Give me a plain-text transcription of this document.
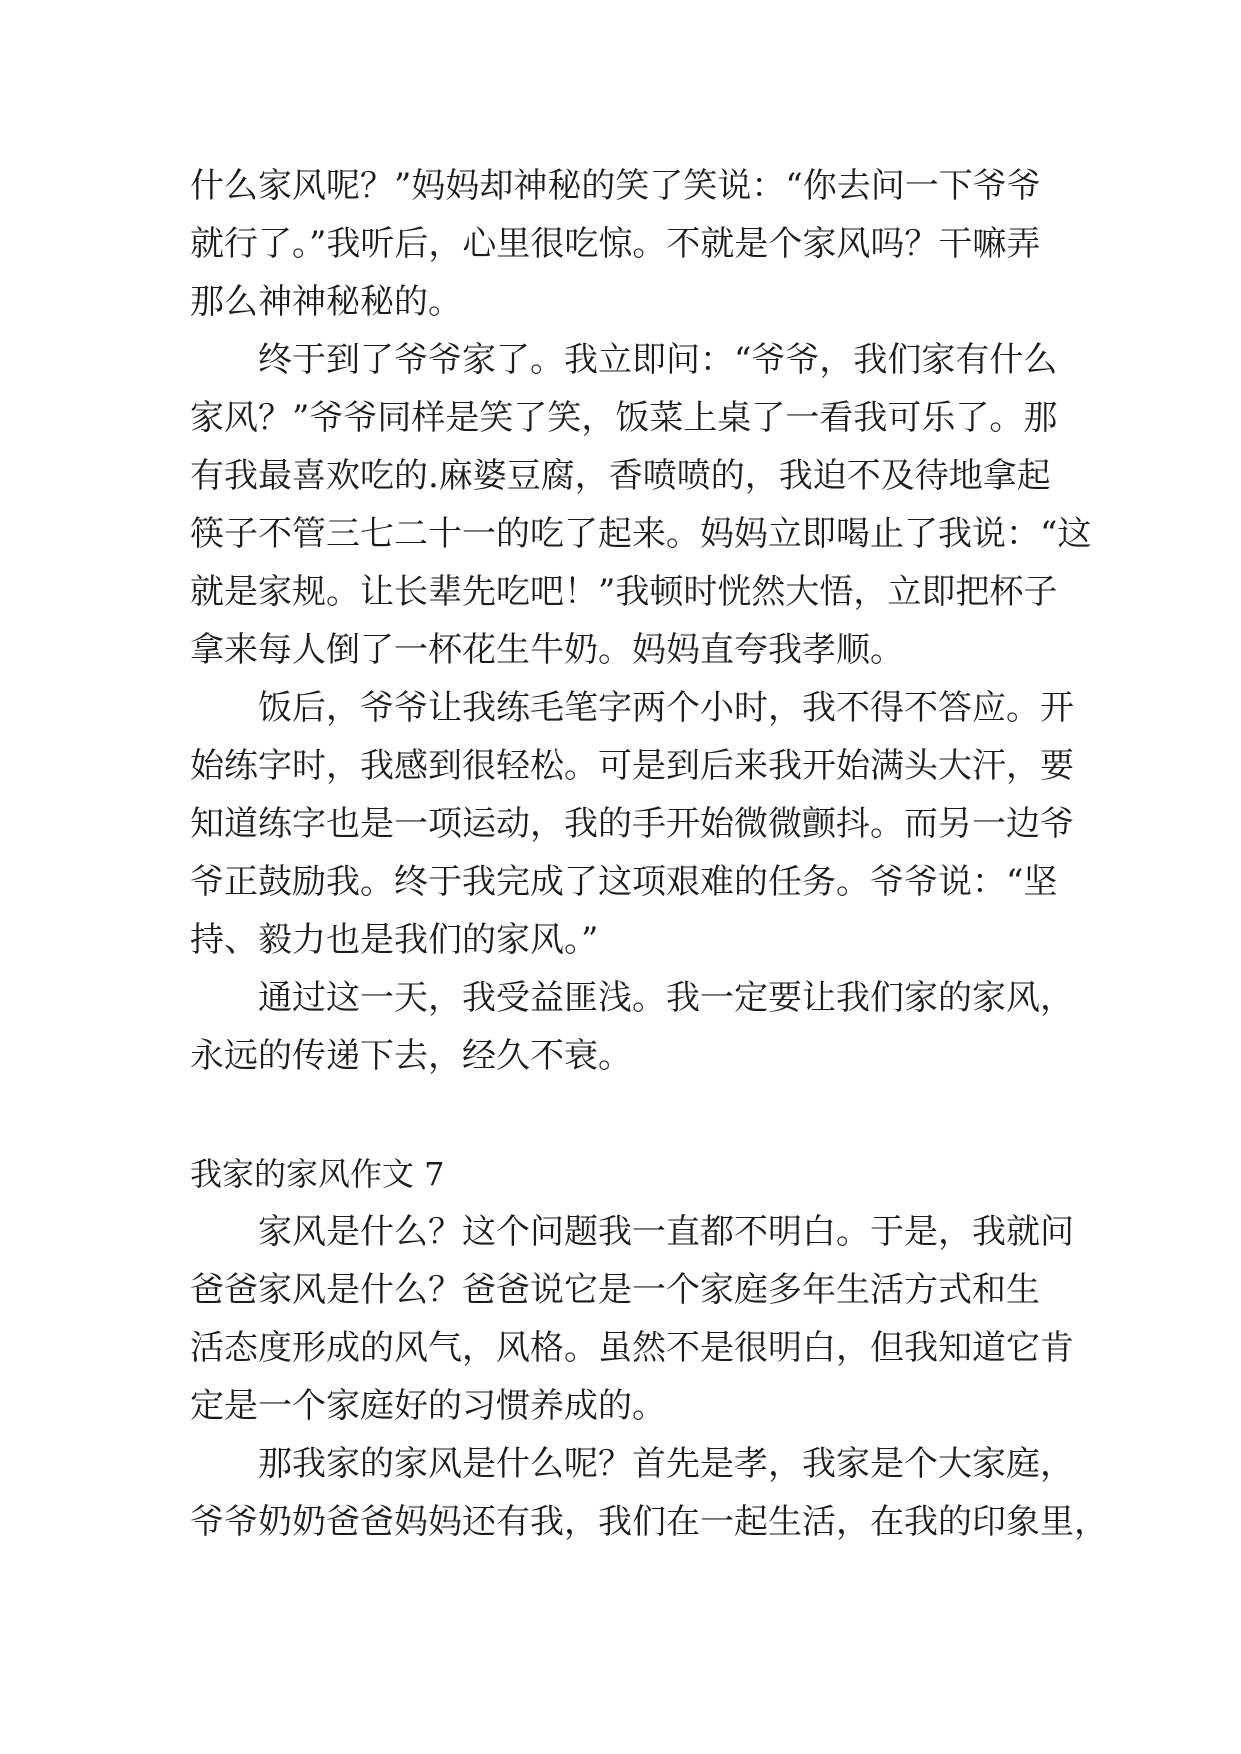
什么家风呢？”妈妈却神秘的笑了笑说：“你去问一下爷爷
就行了。”我听后，心里很吃惊。不就是个家风吗？干嘛弄
那么神神秘秘的。
终于到了爷爷家了。我立即问：“爷爷，我们家有什么
家风？”爷爷同样是笑了笑，饭菜上桌了一看我可乐了。那
有我最喜欢吃的.麻婆豆腐，香喷喷的，我迫不及待地拿起
筷子不管三七二十一的吃了起来。妈妈立即喝止了我说：“这
就是家规。让长辈先吃吧！”我顿时恍然大悟，立即把杯子
拿来每人倒了一杯花生牛奶。妈妈直夸我孝顺。
饭后，爷爷让我练毛笔字两个小时，我不得不答应。开
始练字时，我感到很轻松。可是到后来我开始满头大汗，要
知道练字也是一项运动，我的手开始微微颤抖。而另一边爷
爷正鼓励我。终于我完成了这项艰难的任务。爷爷说：“坚
持、毅力也是我们的家风。”
通过这一天，我受益匪浅。我一定要让我们家的家风，
永远的传递下去，经久不衰。
我家的家风作文 7
家风是什么？这个问题我一直都不明白。于是，我就问
爸爸家风是什么？爸爸说它是一个家庭多年生活方式和生
活态度形成的风气，风格。虽然不是很明白，但我知道它肯
定是一个家庭好的习惯养成的。
那我家的家风是什么呢？首先是孝，我家是个大家庭，
爷爷奶奶爸爸妈妈还有我，我们在一起生活，在我的印象里，
